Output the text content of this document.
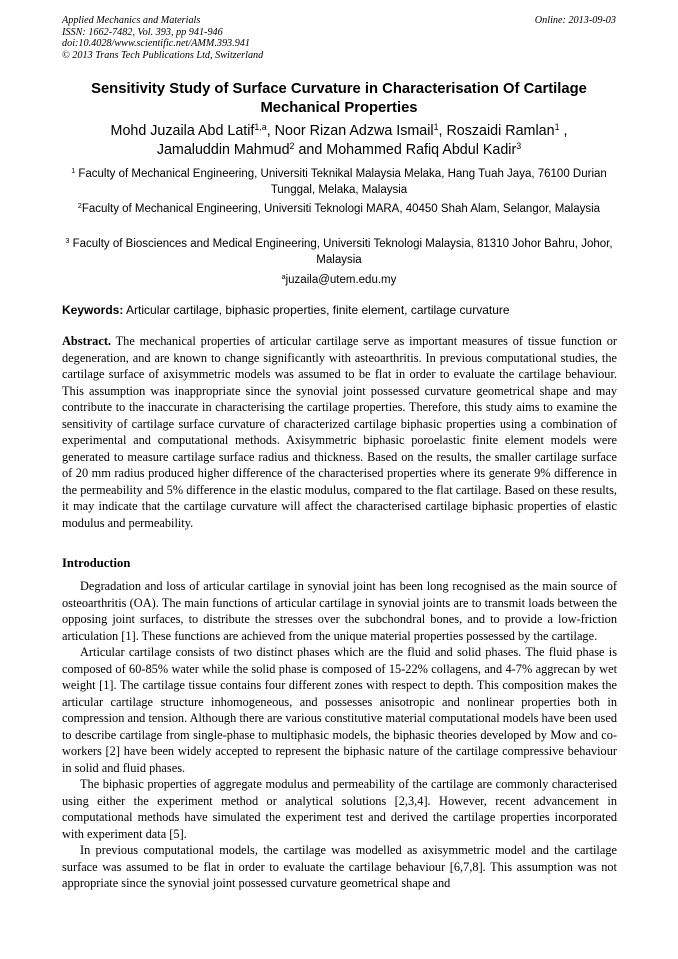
Applied Mechanics and Materials
ISSN: 1662-7482, Vol. 393, pp 941-946
doi:10.4028/www.scientific.net/AMM.393.941
© 2013 Trans Tech Publications Ltd, Switzerland
Online: 2013-09-03
Sensitivity Study of Surface Curvature in Characterisation Of Cartilage Mechanical Properties
Mohd Juzaila Abd Latif$^{1,a}$, Noor Rizan Adzwa Ismail$^1$, Roszaidi Ramlan$^1$ ,
Jamaluddin Mahmud$^2$ and Mohammed Rafiq Abdul Kadir$^3$
$^1$ Faculty of Mechanical Engineering, Universiti Teknikal Malaysia Melaka, Hang Tuah Jaya, 76100 Durian Tunggal, Melaka, Malaysia
$^2$Faculty of Mechanical Engineering, Universiti Teknologi MARA, 40450 Shah Alam, Selangor, Malaysia
$^3$ Faculty of Biosciences and Medical Engineering, Universiti Teknologi Malaysia, 81310 Johor Bahru, Johor, Malaysia
$^a$juzaila@utem.edu.my
Keywords: Articular cartilage, biphasic properties, finite element, cartilage curvature
Abstract. The mechanical properties of articular cartilage serve as important measures of tissue function or degeneration, and are known to change significantly with asteoarthritis. In previous computational studies, the cartilage surface of axisymmetric models was assumed to be flat in order to evaluate the cartilage behaviour. This assumption was inappropriate since the synovial joint possessed curvature geometrical shape and may contribute to the inaccurate in characterising the cartilage properties. Therefore, this study aims to examine the sensitivity of cartilage surface curvature of characterized cartilage biphasic properties using a combination of experimental and computational methods. Axisymmetric biphasic poroelastic finite element models were generated to measure cartilage surface radius and thickness. Based on the results, the smaller cartilage surface of 20 mm radius produced higher difference of the characterised properties where its generate 9% difference in the permeability and 5% difference in the elastic modulus, compared to the flat cartilage. Based on these results, it may indicate that the cartilage curvature will affect the characterised cartilage biphasic properties of elastic modulus and permeability.
Introduction

Degradation and loss of articular cartilage in synovial joint has been long recognised as the main source of osteoarthritis (OA). The main functions of articular cartilage in synovial joints are to transmit loads between the opposing joint surfaces, to distribute the stresses over the subchondral bones, and to provide a low-friction articulation [1]. These functions are achieved from the unique material properties possessed by the cartilage.

Articular cartilage consists of two distinct phases which are the fluid and solid phases. The fluid phase is composed of 60-85% water while the solid phase is composed of 15-22% collagens, and 4-7% aggrecan by wet weight [1]. The cartilage tissue contains four different zones with respect to depth. This composition makes the articular cartilage structure inhomogeneous, and possesses anisotropic and nonlinear properties both in compression and tension. Although there are various constitutive material computational models have been used to describe cartilage from single-phase to multiphasic models, the biphasic theories developed by Mow and co-workers [2] have been widely accepted to represent the biphasic nature of the cartilage compressive behaviour in solid and fluid phases.

The biphasic properties of aggregate modulus and permeability of the cartilage are commonly characterised using either the experiment method or analytical solutions [2,3,4]. However, recent advancement in computational methods have simulated the experiment test and derived the cartilage properties incorporated with experiment data [5].

In previous computational models, the cartilage was modelled as axisymmetric model and the cartilage surface was assumed to be flat in order to evaluate the cartilage behaviour [6,7,8]. This assumption was not appropriate since the synovial joint possessed curvature geometrical shape and
